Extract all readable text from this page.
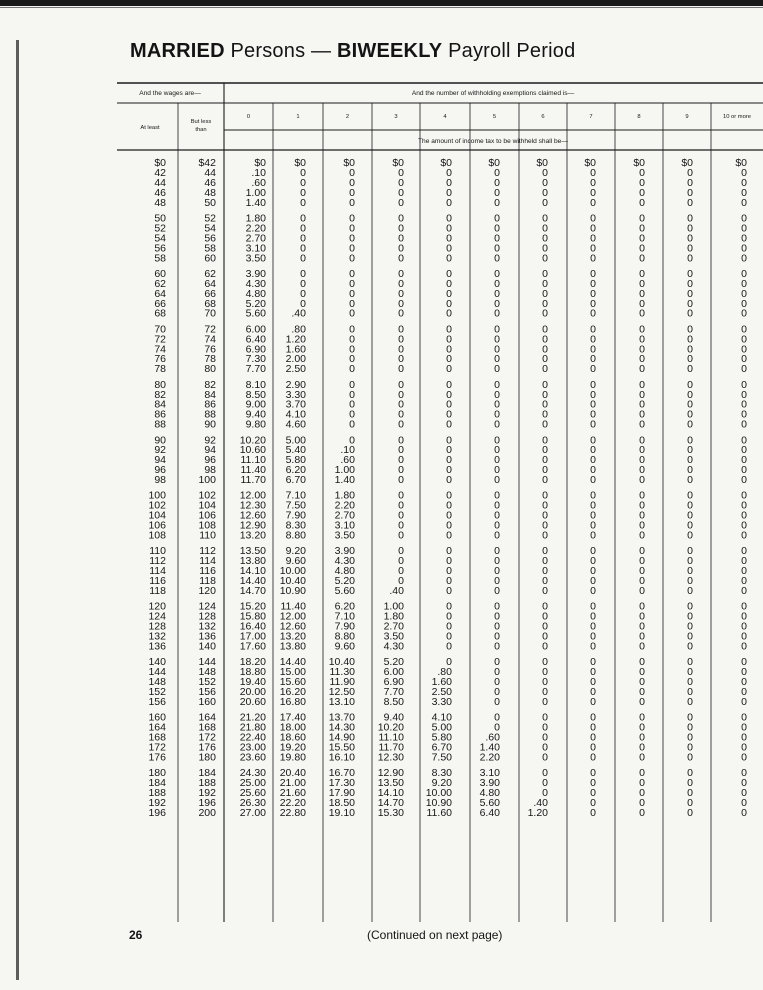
MARRIED Persons — BIWEEKLY Payroll Period
And the wages are—	And the number of withholding exemptions claimed is—
At least
But less
than
0	1	2	3	4	5	6	7	8	9	10 or more
The amount of income tax to be withheld shall be—
$0	$42	$0	$0	$0	$0	$0	$0	$0	$0	$0	$0	$0
42	44	.10	0	0	0	0	0	0	0	0	0	0
44	46	.60	0	0	0	0	0	0	0	0	0	0
46	48	1.00	0	0	0	0	0	0	0	0	0	0
48	50	1.40	0	0	0	0	0	0	0	0	0	0
50	52	1.80	0	0	0	0	0	0	0	0	0	0
52	54	2.20	0	0	0	0	0	0	0	0	0	0
54	56	2.70	0	0	0	0	0	0	0	0	0	0
56	58	3.10	0	0	0	0	0	0	0	0	0	0
58	60	3.50	0	0	0	0	0	0	0	0	0	0
60	62	3.90	0	0	0	0	0	0	0	0	0	0
62	64	4.30	0	0	0	0	0	0	0	0	0	0
64	66	4.80	0	0	0	0	0	0	0	0	0	0
66	68	5.20	0	0	0	0	0	0	0	0	0	0
68	70	5.60 .40	0	0	0	0	0	0	0	0	0
70	72	6.00 .80	0	0	0	0	0	0	0	0	0
72	74	6.40 1.20	0	0	0	0	0	0	0	0	0
74	76	6.90 1.60	0	0	0	0	0	0	0	0	0
76	78	7.30 2.00	0	0	0	0	0	0	0	0	0
78	80	7.70 2.50	0	0	0	0	0	0	0	0	0
80	82	8.10 2.90	0	0	0	0	0	0	0	0	0
82	84	8.50 3.30	0	0	0	0	0	0	0	0	0
84	86	9.00 3.70	0	0	0	0	0	0	0	0	0
86	88	9.40 4.10	0	0	0	0	0	0	0	0	0
88	90	9.80 4.60	0	0	0	0	0	0	0	0	0
90	92 10.20 5.00	0	0	0	0	0	0	0	0	0
92	94 10.60 5.40	.10	0	0	0	0	0	0	0	0
94	96 11.10 5.80	.60	0	0	0	0	0	0	0	0
96	98 11.40 6.20	1.00	0	0	0	0	0	0	0	0
98	100 11.70 6.70	1.40	0	0	0	0	0	0	0	0
100	102 12.00 7.10	1.80	0	0	0	0	0	0	0	0
102	104 12.30 7.50	2.20	0	0	0	0	0	0	0	0
104	106 12.60 7.90	2.70	0	0	0	0	0	0	0	0
106	108 12.90 8.30	3.10	0	0	0	0	0	0	0	0
108	110 13.20 8.80	3.50	0	0	0	0	0	0	0	0
110	112 13.50 9.20	3.90	0	0	0	0	0	0	0	0
112	114 13.80 9.60	4.30	0	0	0	0	0	0	0	0
114	116 14.10 10.00	4.80	0	0	0	0	0	0	0	0
116	118 14.40 10.40	5.20	0	0	0	0	0	0	0	0
118	120 14.70 10.90	5.60	.40	0	0	0	0	0	0	0
120	124 15.20 11.40	6.20	1.00	0	0	0	0	0	0	0
124	128 15.80 12.00	7.10	1.80	0	0	0	0	0	0	0
128	132 16.40 12.60	7.90	2.70	0	0	0	0	0	0	0
132	136 17.00 13.20	8.80	3.50	0	0	0	0	0	0	0
136	140 17.60 13.80	9.60	4.30	0	0	0	0	0	0	0
140	144 18.20 14.40 10.40	5.20	0	0	0	0	0	0	0
144	148 18.80 15.00 11.30	6.00	.80	0	0	0	0	0	0
148	152 19.40 15.60 11.90	6.90	1.60	0	0	0	0	0	0
152	156 20.00 16.20 12.50	7.70	2.50	0	0	0	0	0	0
156	160 20.60 16.80 13.10	8.50	3.30	0	0	0	0	0	0
160	164 21.20 17.40 13.70	9.40	4.10	0	0	0	0	0	0
164	168 21.80 18.00 14.30 10.20	5.00	0	0	0	0	0	0
168	172 22.40 18.60 14.90 11.10	5.80	.60	0	0	0	0	0
172	176 23.00 19.20 15.50 11.70	6.70	1.40	0	0	0	0	0
176	180 23.60 19.80 16.10 12.30	7.50	2.20	0	0	0	0	0
180	184 24.30 20.40 16.70 12.90	8.30	3.10	0	0	0	0	0
184	188 25.00 21.00 17.30 13.50	9.20	3.90	0	0	0	0	0
188	192 25.60 21.60 17.90 14.10 10.00	4.80	0	0	0	0	0
192	196 26.30 22.20 18.50 14.70 10.90	5.60	.40	0	0	0	0
196	200 27.00 22.80 19.10 15.30 11.60	6.40	1.20	0	0	0	0
26	(Continued on next page)
